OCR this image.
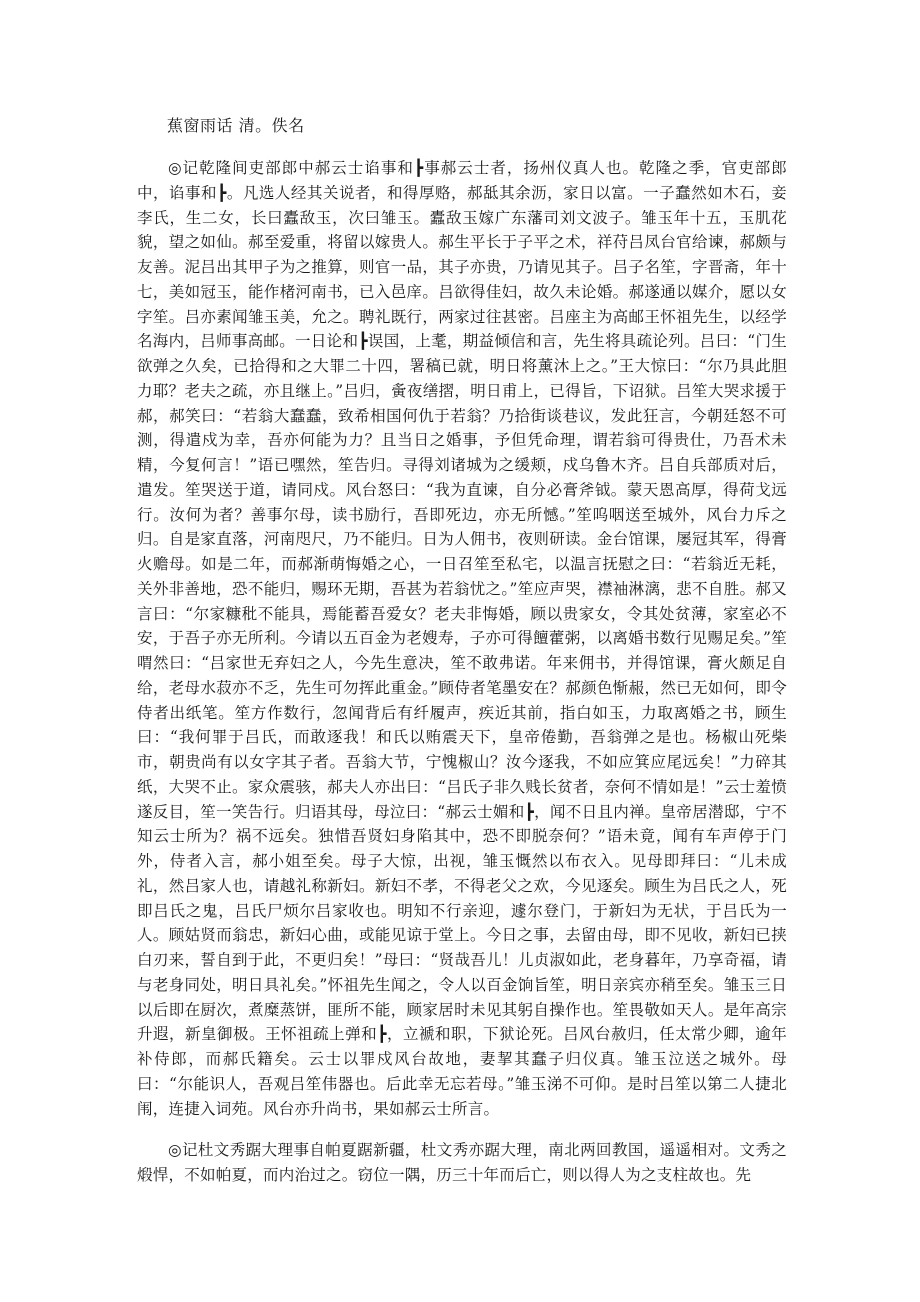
蕉窗雨话 清。佚名

◎记乾隆间吏部郎中郝云士谄事和┣事郝云士者，扬州仪真人也。乾隆之季，官吏部郎中，谄事和┣。凡选人经其关说者，和得厚赂，郝䑛其余沥，家日以富。一子蠢然如木石，妾李氏，生二女，长曰蠹敌玉，次曰雏玉。蠹敌玉嫁广东藩司刘文波子。雏玉年十五，玉肌花貌，望之如仙。郝至爱重，将留以嫁贵人。郝生平长于子平之术，祥苻吕凤台官给谏，郝颇与友善。泥吕出其甲子为之推算，则官一品，其子亦贵，乃请见其子。吕子名笙，字晋斋，年十七，美如冠玉，能作楮河南书，已入邑庠。吕欲得佳妇，故久未论婚。郝遂通以媒介，愿以女字笙。吕亦素闻雏玉美，允之。聘礼既行，两家过往甚密。吕座主为高邮王怀祖先生，以经学名海内，吕师事高邮。一日论和┣误国，上耄，期益倾信和言，先生将具疏论列。吕曰：“门生欲弹之久矣，已拾得和之大罪二十四，署稿已就，明日将薰沐上之。”王大惊曰：“尔乃具此胆力耶？老夫之疏，亦且继上。”吕归，夤夜缮摺，明日甫上，已得旨，下诏狱。吕笙大哭求援于郝，郝笑曰：“若翁大蠢蠢，致希相国何仇于若翁？乃拾街谈巷议，发此狂言，今朝廷怒不可测，得遣戍为幸，吾亦何能为力？且当日之婚事，予但凭命理，谓若翁可得贵仕，乃吾术未精，今复何言！”语已嘿然，笙告归。寻得刘诸城为之缓颊，戍乌鲁木齐。吕自兵部质对后，遣发。笙哭送于道，请同戍。风台怒曰：“我为直谏，自分必膏斧钺。蒙天恩高厚，得荷戈远行。汝何为者？善事尔母，读书励行，吾即死边，亦无所憾。”笙呜咽送至城外，风台力斥之归。自是家直落，河南咫尺，乃不能归。日为人佣书，夜则研读。金台馆课，屡冠其军，得膏火赡母。如是二年，而郝渐萌悔婚之心，一日召笙至私宅，以温言抚慰之曰：“若翁近无耗，关外非善地，恐不能归，赐环无期，吾甚为若翁忧之。”笙应声哭，襟袖淋漓，悲不自胜。郝又言曰：“尔家糠秕不能具，焉能蓄吾爱女？老夫非悔婚，顾以贵家女，令其处贫薄，家室必不安，于吾子亦无所利。今请以五百金为老嫂寿，子亦可得饘藿粥，以离婚书数行见赐足矣。”笙喟然曰：“吕家世无弃妇之人，今先生意决，笙不敢弗诺。年来佣书，并得馆课，膏火颇足自给，老母水菽亦不乏，先生可勿挥此重金。”顾侍者笔墨安在？郝颜色惭赧，然已无如何，即令侍者出纸笔。笙方作数行，忽闻背后有纤履声，疾近其前，指白如玉，力取离婚之书，顾生曰：“我何罪于吕氏，而敢逐我！和氏以贿震天下，皇帝倦勤，吾翁弹之是也。杨椒山死柴市，朝贵尚有以女字其子者。吾翁大节，宁愧椒山？汝今逐我，不如应箕应尾远矣！”力碎其纸，大哭不止。家众震骇，郝夫人亦出曰：“吕氏子非久贱长贫者，奈何不情如是！”云士羞愤遂反目，笙一笑告行。归语其母，母泣曰：“郝云士媚和┣，闻不日且内禅。皇帝居潜邸，宁不知云士所为？祸不远矣。独惜吾贤妇身陷其中，恐不即脱奈何？”语未竟，闻有车声停于门外，侍者入言，郝小姐至矣。母子大惊，出视，雏玉慨然以布衣入。见母即拜曰：“儿未成礼，然吕家人也，请越礼称新妇。新妇不孝，不得老父之欢，今见逐矣。顾生为吕氏之人，死即吕氏之鬼，吕氏尸烦尔吕家收也。明知不行亲迎，遽尔登门，于新妇为无状，于吕氏为一人。顾姑贤而翁忠，新妇心曲，或能见谅于堂上。今日之事，去留由母，即不见收，新妇已挟白刃来，誓自到于此，不更归矣！”母曰：“贤哉吾儿！儿贞淑如此，老身暮年，乃享奇福，请与老身同处，明日具礼矣。”怀祖先生闻之，令人以百金饷旨笙，明日亲宾亦稍至矣。雏玉三日以后即在厨次，煮糜蒸饼，匪所不能，顾家居时未见其躬自操作也。笙畏敬如天人。是年高宗升遐，新皇御极。王怀祖疏上弹和┣，立褫和职，下狱论死。吕风台赦归，任太常少卿，逾年补侍郎，而郝氏籍矣。云士以罪戍风台故地，妻挈其蠢子归仪真。雏玉泣送之城外。母曰：“尔能识人，吾观吕笙伟器也。后此幸无忘若母。”雏玉涕不可仰。是时吕笙以第二人捷北闱，连捷入词苑。风台亦升尚书，果如郝云士所言。

◎记杜文秀踞大理事自帕夏踞新疆，杜文秀亦踞大理，南北两回教国，遥遥相对。文秀之煅悍，不如帕夏，而内治过之。窃位一隅，历三十年而后亡，则以得人为之支柱故也。先
